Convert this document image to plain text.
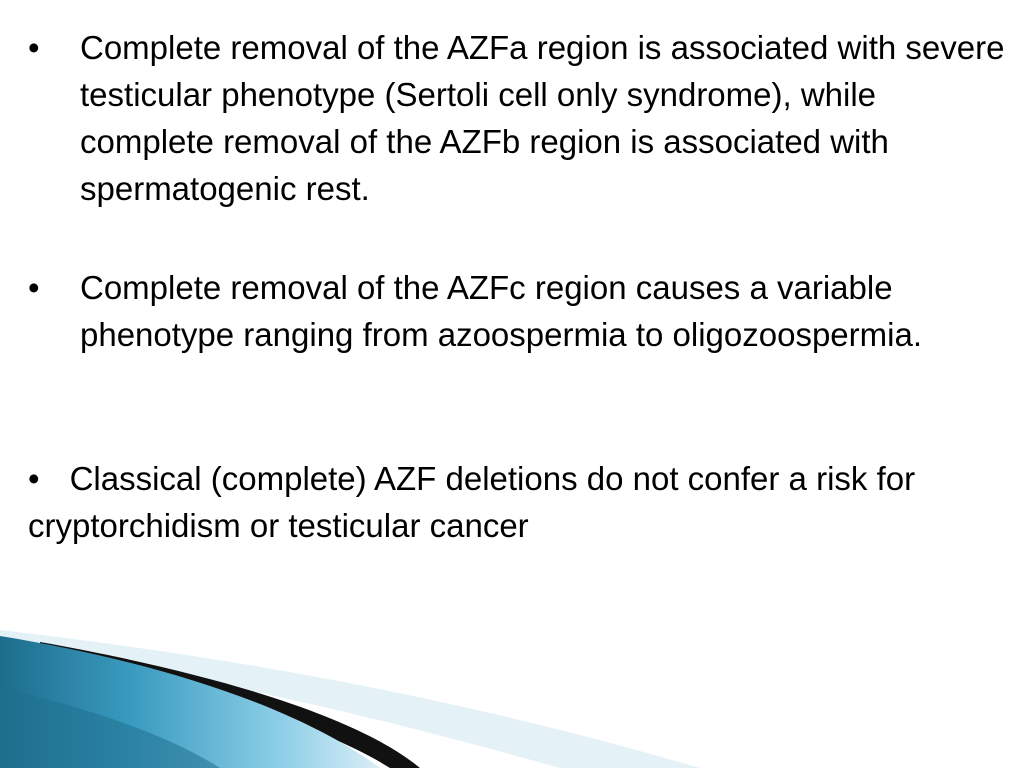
• Complete removal of the AZFa region is associated with severe testicular phenotype (Sertoli cell only syndrome), while complete removal of the AZFb region is associated with spermatogenic rest.
• Complete removal of the AZFc region causes a variable phenotype ranging from azoospermia to oligozoospermia.
• Classical (complete) AZF deletions do not confer a risk for cryptorchidism or testicular cancer
